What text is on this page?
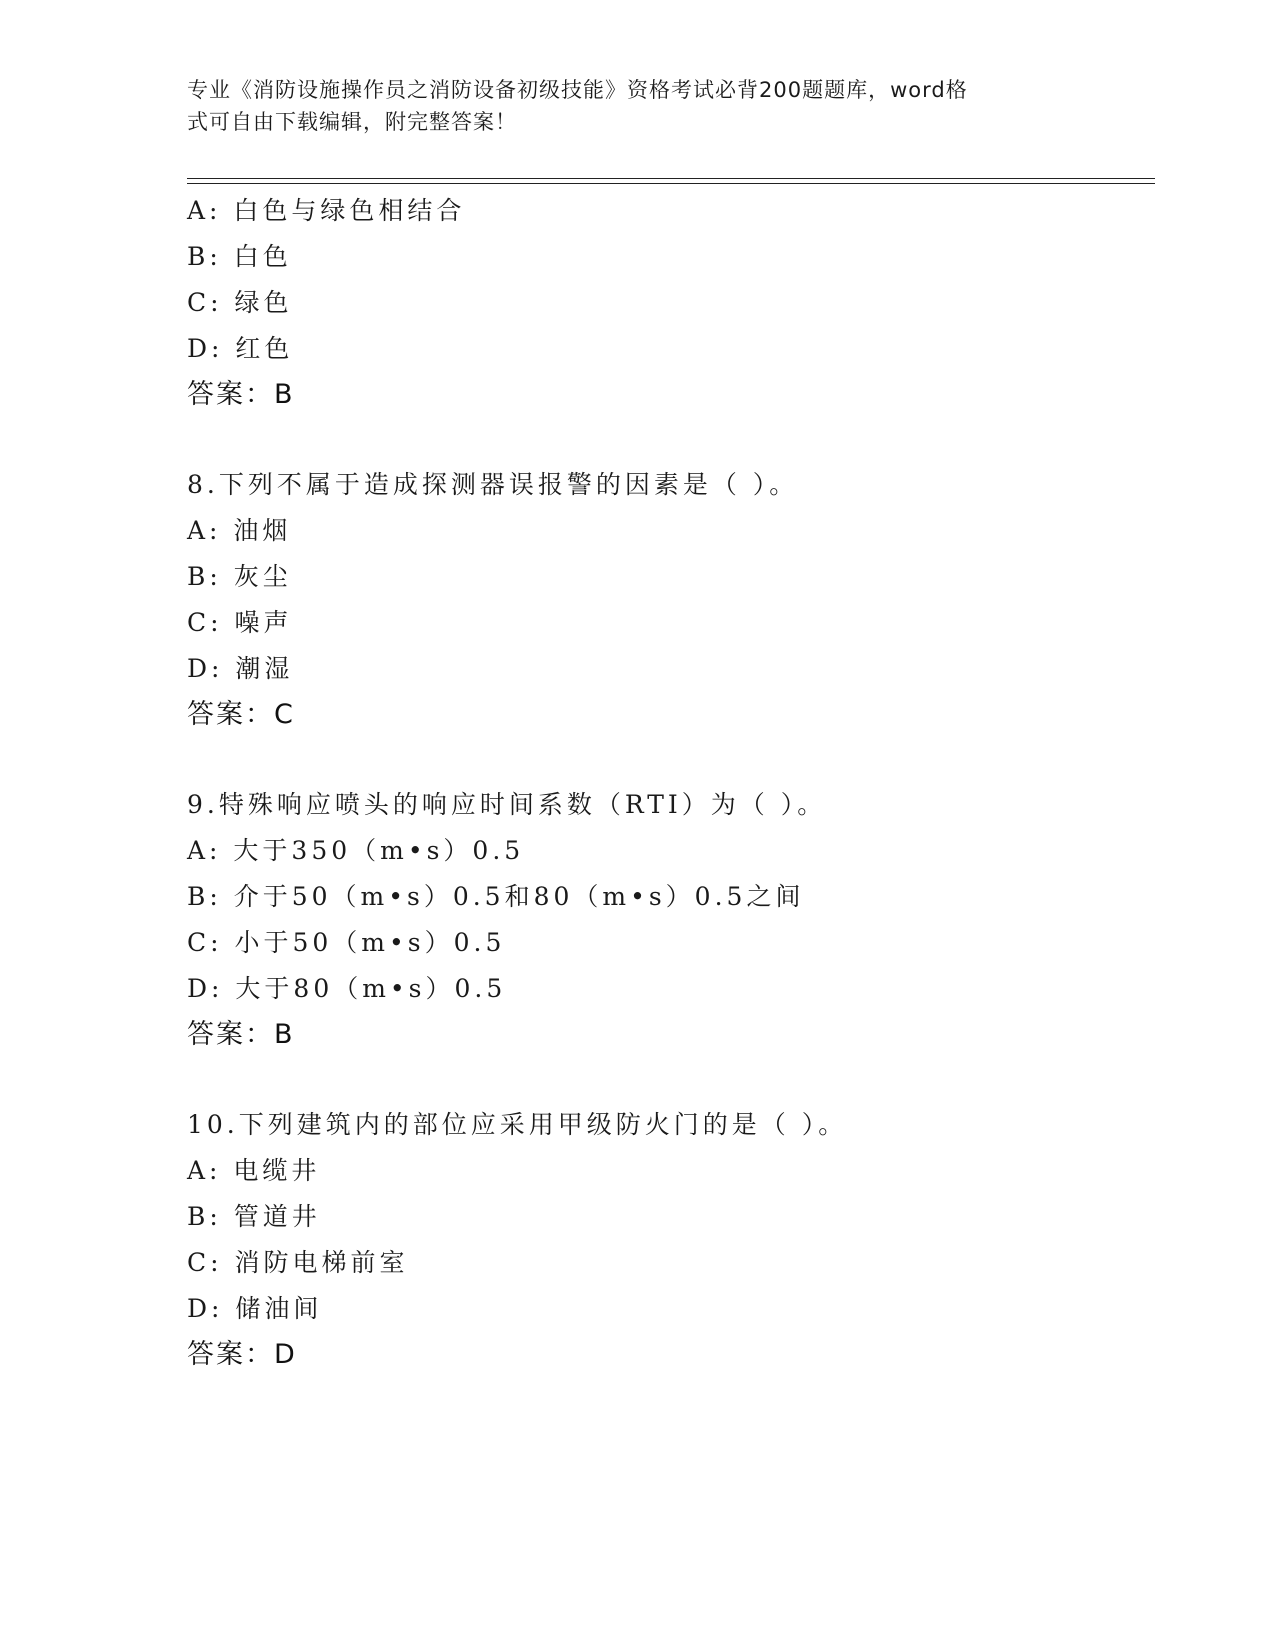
专业《消防设施操作员之消防设备初级技能》资格考试必背200题题库，word格
式可自由下载编辑，附完整答案！
A: 白色与绿色相结合
B: 白色
C: 绿色
D: 红色
答案：B
8.下列不属于造成探测器误报警的因素是（ ）。
A: 油烟
B: 灰尘
C: 噪声
D: 潮湿
答案：C
9.特殊响应喷头的响应时间系数（RTI）为（ ）。
A: 大于350（m•s）0.5
B: 介于50（m•s）0.5和80（m•s）0.5之间
C: 小于50（m•s）0.5
D: 大于80（m•s）0.5
答案：B
10.下列建筑内的部位应采用甲级防火门的是（ ）。
A: 电缆井
B: 管道井
C: 消防电梯前室
D: 储油间
答案：D
